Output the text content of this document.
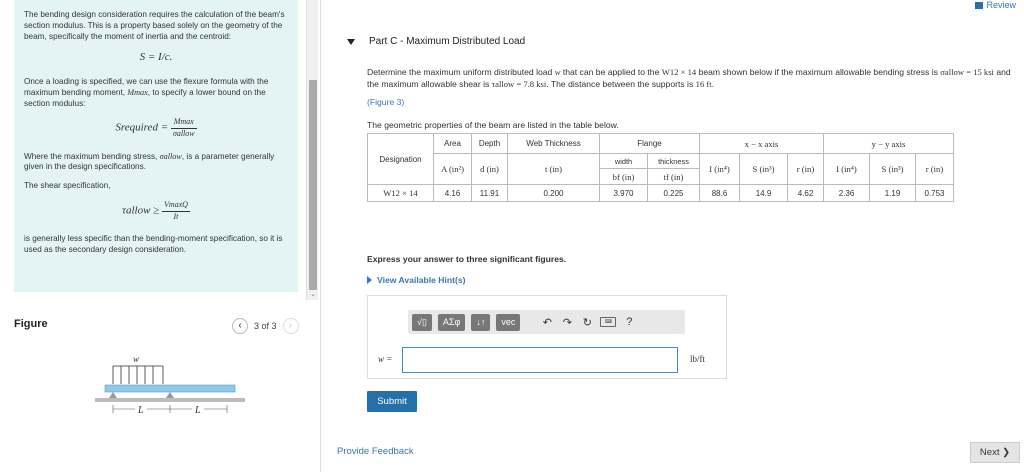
The bending design consideration requires the calculation of the beam's section modulus. This is a property based solely on the geometry of the beam, specifically the moment of inertia and the centroid:

S = I/c.

Once a loading is specified, we can use the flexure formula with the maximum bending moment, Mmax, to specify a lower bound on the section modulus:

Srequired = $\frac{Mmax}{\text{σallow}}$

Where the maximum bending stress, σallow, is a parameter generally given in the design specifications.

The shear specification,

τallow ≥ $\frac{VmaxQ}{It}$

is generally less specific than the bending-moment specification, so it is used as the secondary design consideration.

⌄
Figure	‹	3 of 3	›
w
L	L
Review
Part C - Maximum Distributed Load
Determine the maximum uniform distributed load w that can be applied to the W12 × 14 beam shown below if the maximum allowable bending stress is σallow = 15 ksi and the maximum allowable shear is τallow = 7.8 ksi. The distance between the supports is 16 ft.
(Figure 3)
The geometric properties of the beam are listed in the table below.
Designation	Area	Depth	Web Thickness	Flange		x − x axis			y − y axis		
	A (in²)	d (in)	t (in)	width	thickness	I (in⁴)	S (in³)	r (in)	I (in⁴)	S (in³)	r (in)
				bf (in)	tf (in)						
W12 × 14	4.16	11.91	0.200	3.970	0.225	88.6	14.9	4.62	2.36	1.19	0.753
Express your answer to three significant figures.
View Available Hint(s)
√▯	ΑΣφ	↓↑	vec	↶ ↷ ↻	⌨	?
w =	lb/ft
Submit
Provide Feedback	Next ❯
